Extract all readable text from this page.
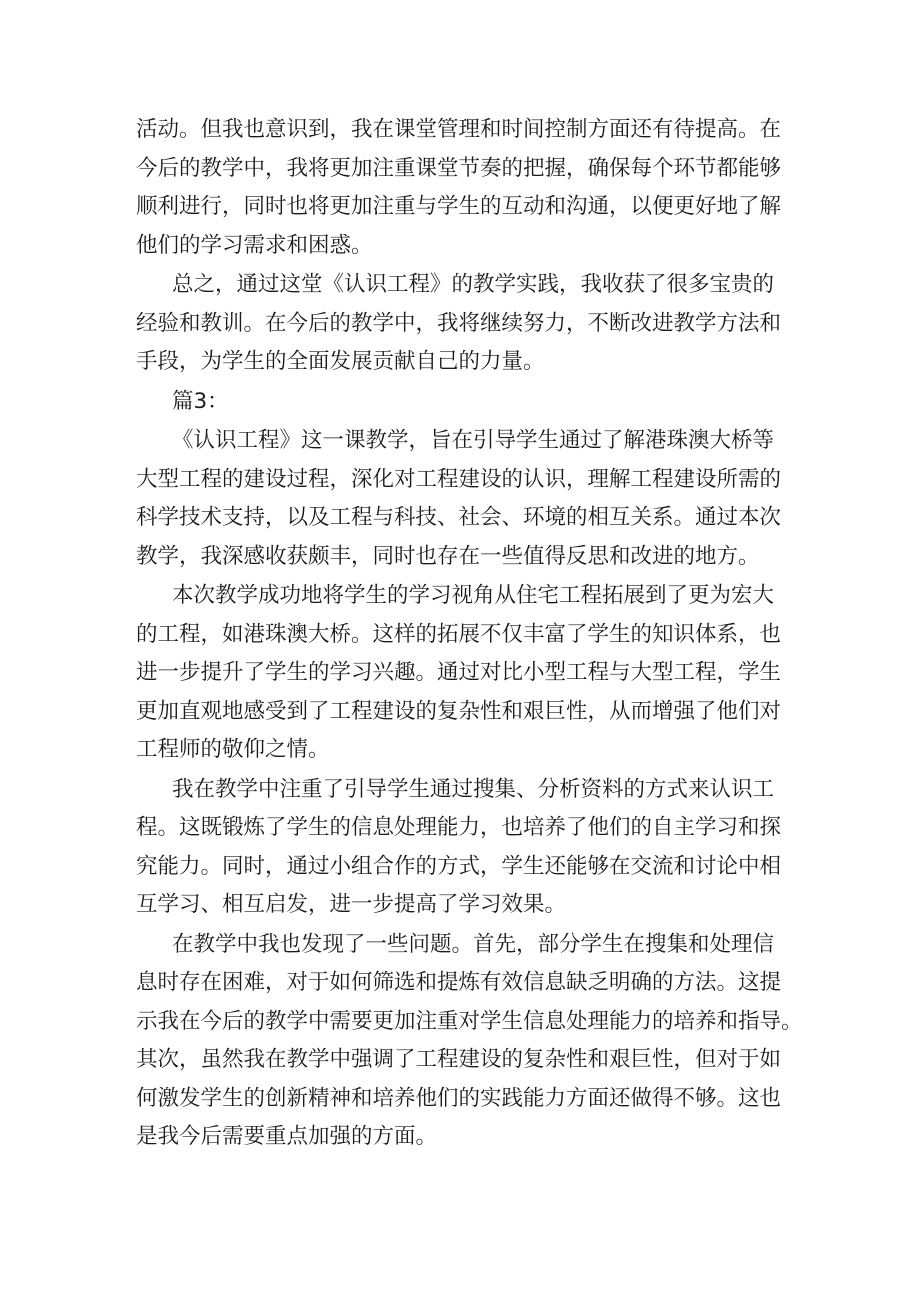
活动。但我也意识到，我在课堂管理和时间控制方面还有待提高。在
今后的教学中，我将更加注重课堂节奏的把握，确保每个环节都能够
顺利进行，同时也将更加注重与学生的互动和沟通，以便更好地了解
他们的学习需求和困惑。
总之，通过这堂《认识工程》的教学实践，我收获了很多宝贵的
经验和教训。在今后的教学中，我将继续努力，不断改进教学方法和
手段，为学生的全面发展贡献自己的力量。
篇3：
《认识工程》这一课教学，旨在引导学生通过了解港珠澳大桥等
大型工程的建设过程，深化对工程建设的认识，理解工程建设所需的
科学技术支持，以及工程与科技、社会、环境的相互关系。通过本次
教学，我深感收获颇丰，同时也存在一些值得反思和改进的地方。
本次教学成功地将学生的学习视角从住宅工程拓展到了更为宏大
的工程，如港珠澳大桥。这样的拓展不仅丰富了学生的知识体系，也
进一步提升了学生的学习兴趣。通过对比小型工程与大型工程，学生
更加直观地感受到了工程建设的复杂性和艰巨性，从而增强了他们对
工程师的敬仰之情。
我在教学中注重了引导学生通过搜集、分析资料的方式来认识工
程。这既锻炼了学生的信息处理能力，也培养了他们的自主学习和探
究能力。同时，通过小组合作的方式，学生还能够在交流和讨论中相
互学习、相互启发，进一步提高了学习效果。
在教学中我也发现了一些问题。首先，部分学生在搜集和处理信
息时存在困难，对于如何筛选和提炼有效信息缺乏明确的方法。这提
示我在今后的教学中需要更加注重对学生信息处理能力的培养和指导。
其次，虽然我在教学中强调了工程建设的复杂性和艰巨性，但对于如
何激发学生的创新精神和培养他们的实践能力方面还做得不够。这也
是我今后需要重点加强的方面。
